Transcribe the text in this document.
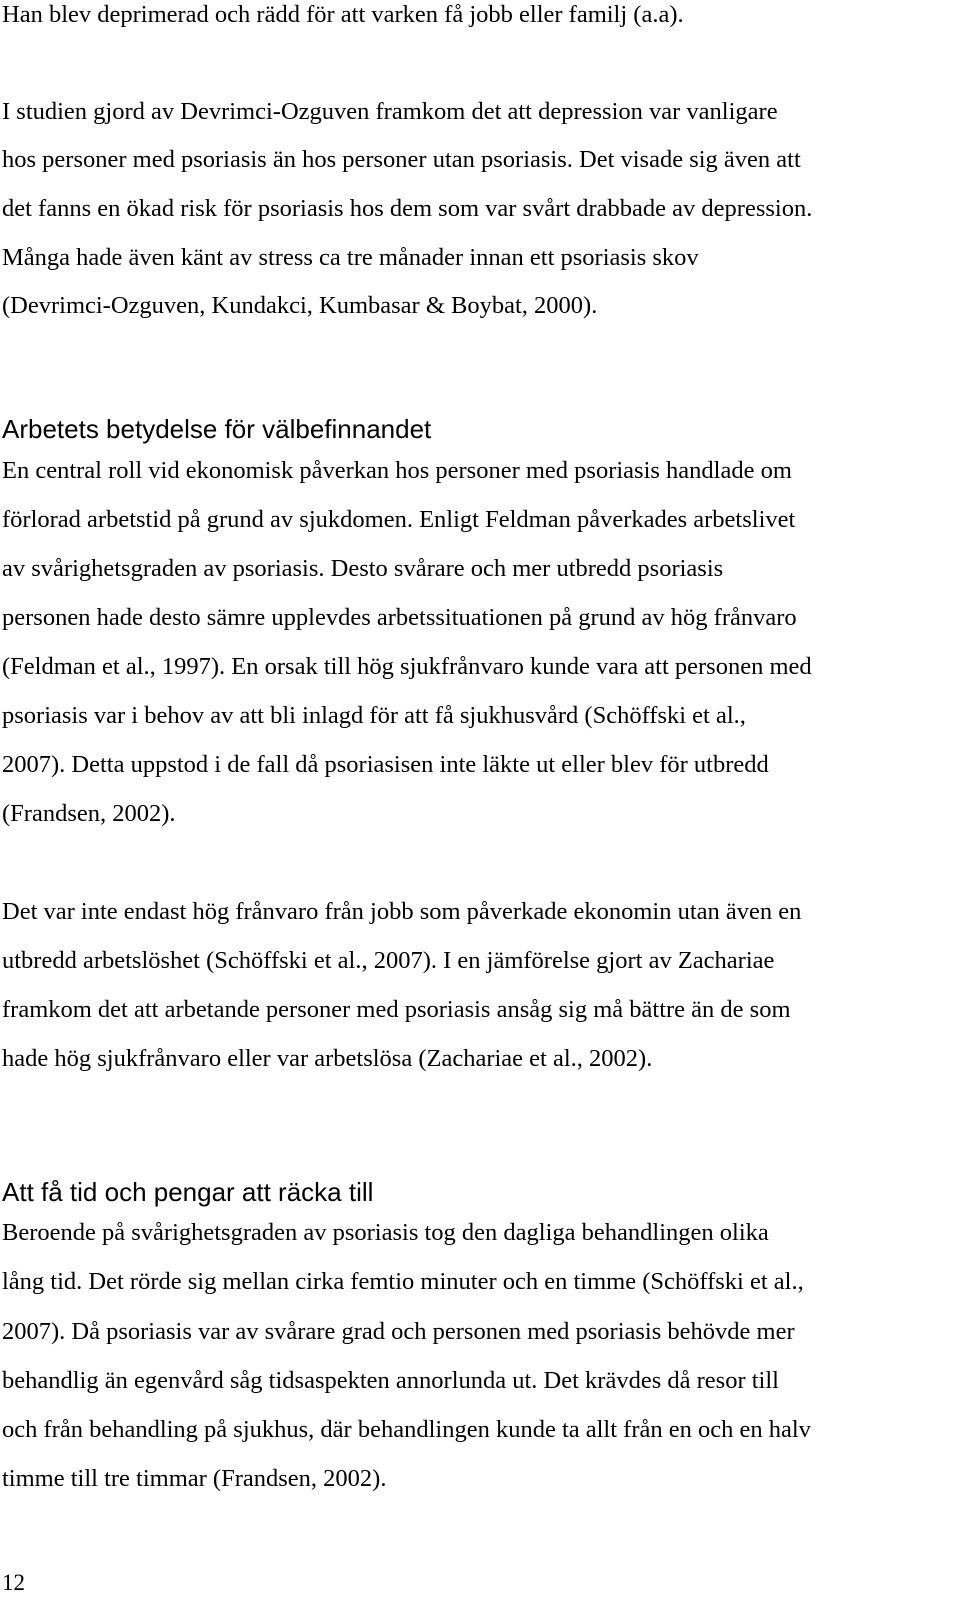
Han blev deprimerad och rädd för att varken få jobb eller familj (a.a).

I studien gjord av Devrimci-Ozguven framkom det att depression var vanligare

hos personer med psoriasis än hos personer utan psoriasis. Det visade sig även att

det fanns en ökad risk för psoriasis hos dem som var svårt drabbade av depression.

Många hade även känt av stress ca tre månader innan ett psoriasis skov

(Devrimci-Ozguven, Kundakci, Kumbasar & Boybat, 2000).

Arbetets betydelse för välbefinnandet

En central roll vid ekonomisk påverkan hos personer med psoriasis handlade om

förlorad arbetstid på grund av sjukdomen. Enligt Feldman påverkades arbetslivet

av svårighetsgraden av psoriasis. Desto svårare och mer utbredd psoriasis

personen hade desto sämre upplevdes arbetssituationen på grund av hög frånvaro

(Feldman et al., 1997). En orsak till hög sjukfrånvaro kunde vara att personen med

psoriasis var i behov av att bli inlagd för att få sjukhusvård (Schöffski et al.,

2007). Detta uppstod i de fall då psoriasisen inte läkte ut eller blev för utbredd

(Frandsen, 2002).

Det var inte endast hög frånvaro från jobb som påverkade ekonomin utan även en

utbredd arbetslöshet (Schöffski et al., 2007). I en jämförelse gjort av Zachariae

framkom det att arbetande personer med psoriasis ansåg sig må bättre än de som

hade hög sjukfrånvaro eller var arbetslösa (Zachariae et al., 2002).

Att få tid och pengar att räcka till

Beroende på svårighetsgraden av psoriasis tog den dagliga behandlingen olika

lång tid. Det rörde sig mellan cirka femtio minuter och en timme (Schöffski et al.,

2007). Då psoriasis var av svårare grad och personen med psoriasis behövde mer

behandlig än egenvård såg tidsaspekten annorlunda ut. Det krävdes då resor till

och från behandling på sjukhus, där behandlingen kunde ta allt från en och en halv

timme till tre timmar (Frandsen, 2002).

12
